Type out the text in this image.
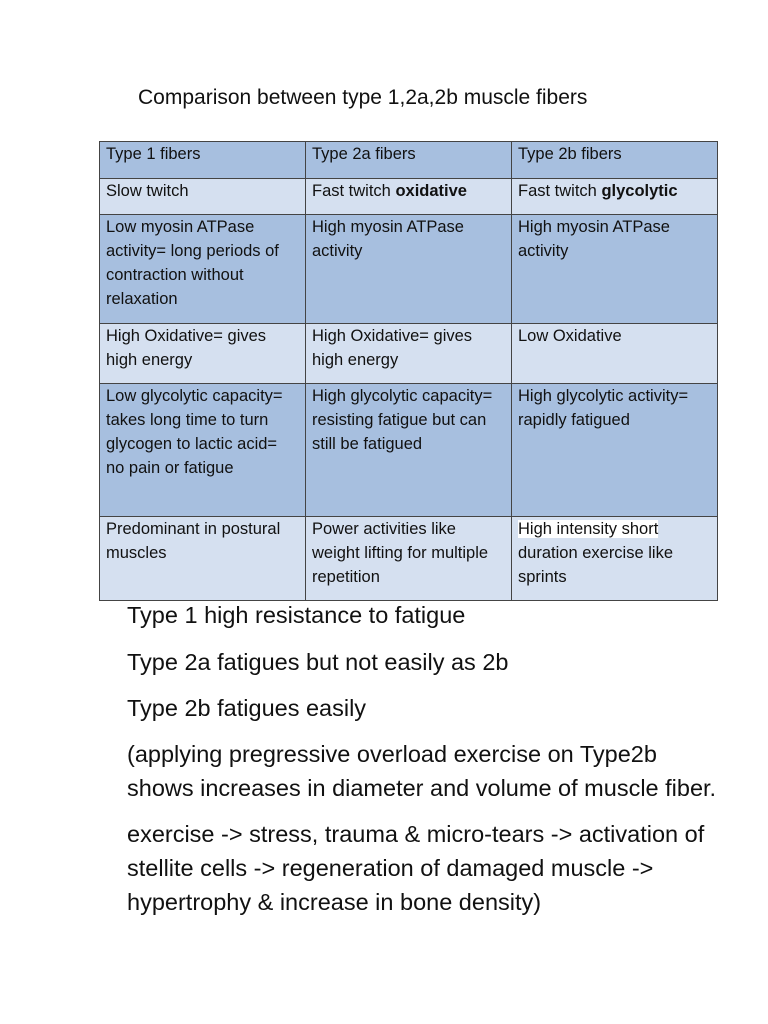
Comparison between type 1,2a,2b muscle fibers
Type 1 fibers	Type 2a fibers	Type 2b fibers
Slow twitch	Fast twitch oxidative	Fast twitch glycolytic
Low myosin ATPase activity= long periods of contraction without relaxation	High myosin ATPase activity	High myosin ATPase activity
High Oxidative= gives high energy	High Oxidative= gives high energy	Low Oxidative
Low glycolytic capacity= takes long time to turn glycogen to lactic acid= no pain or fatigue	High glycolytic capacity= resisting fatigue but can still be fatigued	High glycolytic activity= rapidly fatigued
Predominant in postural muscles	Power activities like weight lifting for multiple repetition	High intensity short duration exercise like sprints

Type 1 high resistance to fatigue

Type 2a fatigues but not easily as 2b

Type 2b fatigues easily

(applying pregressive overload exercise on Type2b shows increases in diameter and volume of muscle fiber.

exercise -> stress, trauma & micro-tears -> activation of stellite cells -> regeneration of damaged muscle -> hypertrophy & increase in bone density)
